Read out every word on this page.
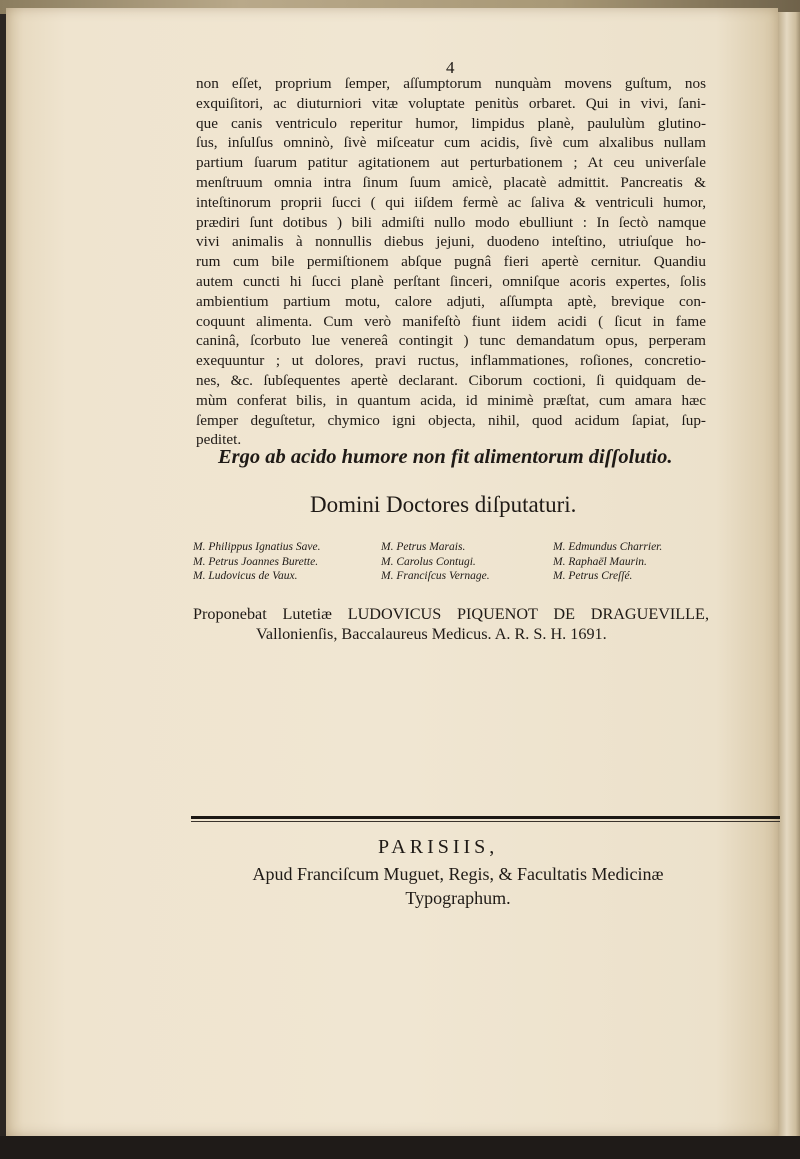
4
non eſſet, proprium ſemper, aſſumptorum nunquàm movens guſtum, nos
exquiſitori, ac diuturniori vitæ voluptate penitùs orbaret. Qui in vivi, ſani-
que canis ventriculo reperitur humor, limpidus planè, paululùm glutino-
ſus, inſulſus omninò, ſivè miſceatur cum acidis, ſivè cum alxalibus nullam
partium ſuarum patitur agitationem aut perturbationem ; At ceu univerſale
menſtruum omnia intra ſinum ſuum amicè, placatè admittit. Pancreatis &
inteſtinorum proprii ſucci ( qui iiſdem fermè ac ſaliva & ventriculi humor,
prædiri ſunt dotibus ) bili admiſti nullo modo ebulliunt : In ſectò namque
vivi animalis à nonnullis diebus jejuni, duodeno inteſtino, utriuſque ho-
rum cum bile permiſtionem abſque pugnâ fieri apertè cernitur. Quandiu
autem cuncti hi ſucci planè perſtant ſinceri, omniſque acoris expertes, ſolis
ambientium partium motu, calore adjuti, aſſumpta aptè, brevique con-
coquunt alimenta. Cum verò manifeſtò fiunt iidem acidi ( ſicut in fame
caninâ, ſcorbuto lue venereâ contingit ) tunc demandatum opus, perperam
exequuntur ; ut dolores, pravi ructus, inflammationes, roſiones, concretio-
nes, &c. ſubſequentes apertè declarant. Ciborum coctioni, ſi quidquam de-
mùm conferat bilis, in quantum acida, id minimè præſtat, cum amara hæc
ſemper deguſtetur, chymico igni objecta, nihil, quod acidum ſapiat, ſup-
peditet.
Ergo ab acido humore non fit alimentorum diſſolutio.
Domini Doctores diſputaturi.
M. Philippus Ignatius Save.	M. Petrus Marais.	M. Edmundus Charrier.
M. Petrus Joannes Burette.	M. Carolus Contugi.	M. Raphaël Maurin.
M. Ludovicus de Vaux.	M. Franciſcus Vernage.	M. Petrus Creſſé.
Proponebat Lutetiæ LUDOVICUS PIQUENOT DE DRAGUEVILLE,
Vallonienſis, Baccalaureus Medicus. A. R. S. H. 1691.
PARISIIS,
Apud Franciſcum Muguet, Regis, & Facultatis Medicinæ
Typographum.
